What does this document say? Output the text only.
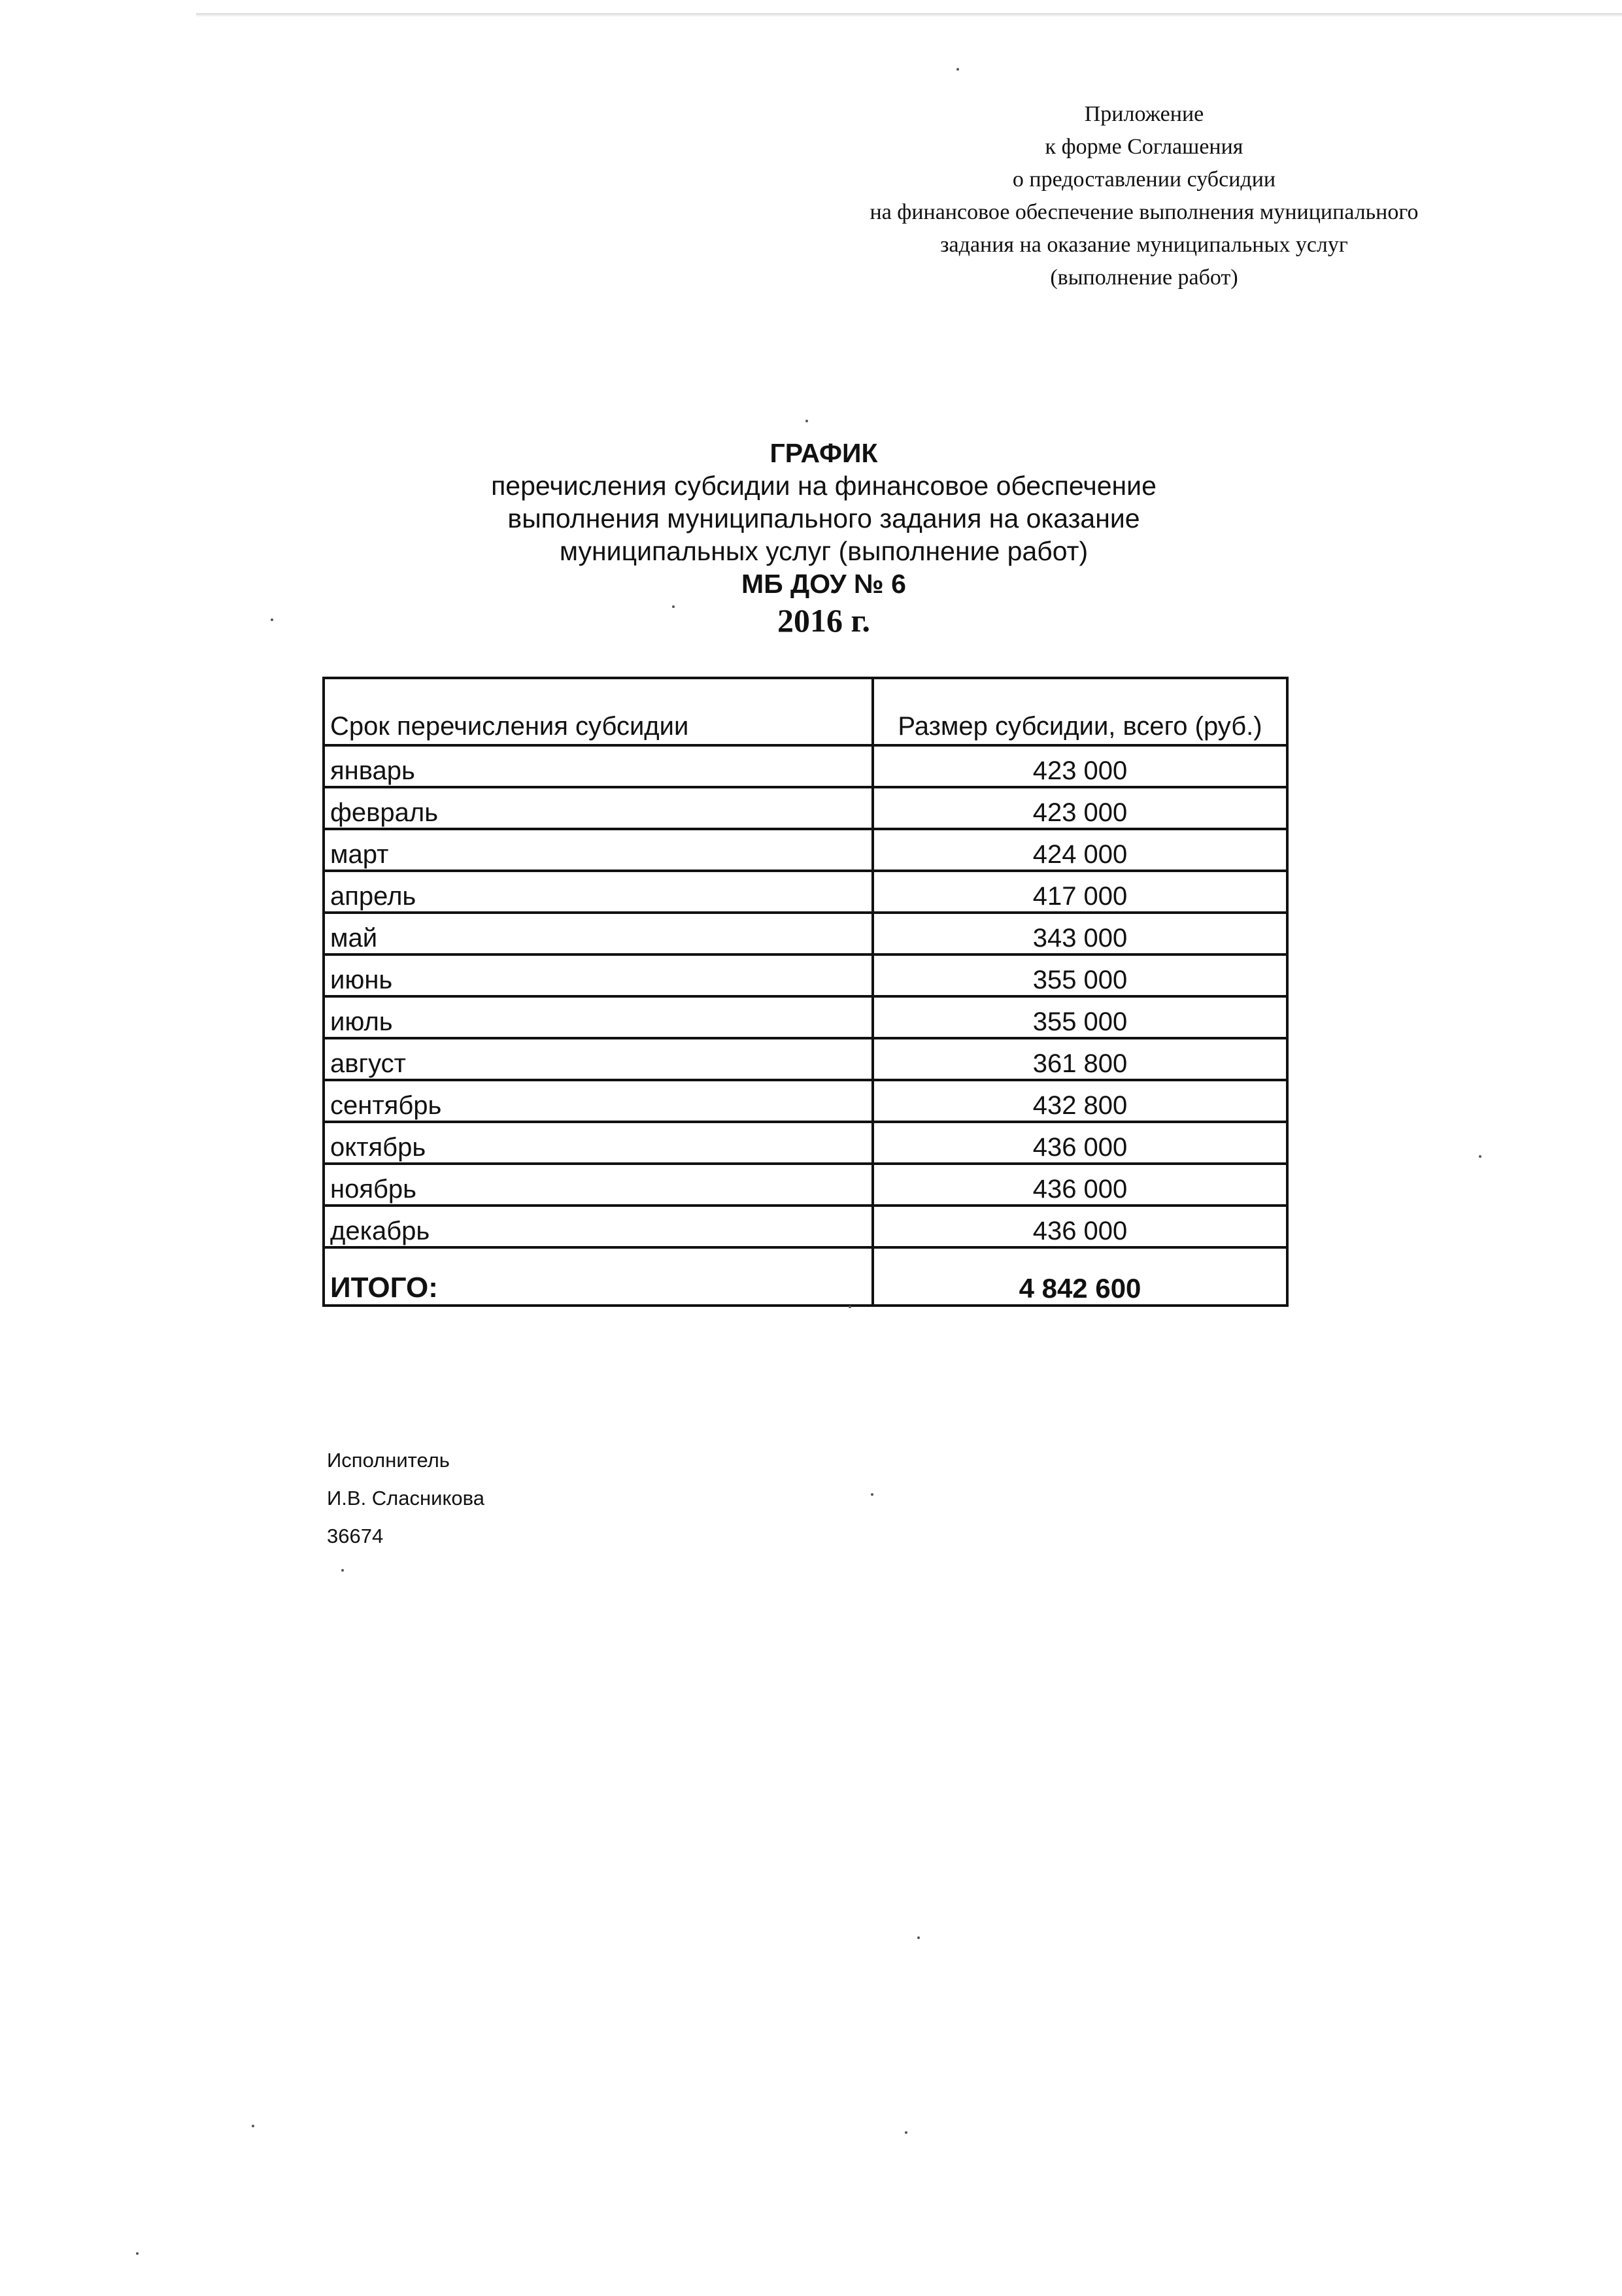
Приложение
к форме Соглашения
о предоставлении субсидии
на финансовое обеспечение выполнения муниципального
задания на оказание муниципальных услуг
(выполнение работ)
ГРАФИК
перечисления субсидии на финансовое обеспечение
выполнения муниципального задания на оказание
муниципальных услуг (выполнение работ)
МБ ДОУ № 6
2016 г.
Срок перечисления субсидии	Размер субсидии, всего (руб.)
январь	423 000
февраль	423 000
март	424 000
апрель	417 000
май	343 000
июнь	355 000
июль	355 000
август	361 800
сентябрь	432 800
октябрь	436 000
ноябрь	436 000
декабрь	436 000
ИТОГО:	4 842 600
Исполнитель
И.В. Сласникова
36674
